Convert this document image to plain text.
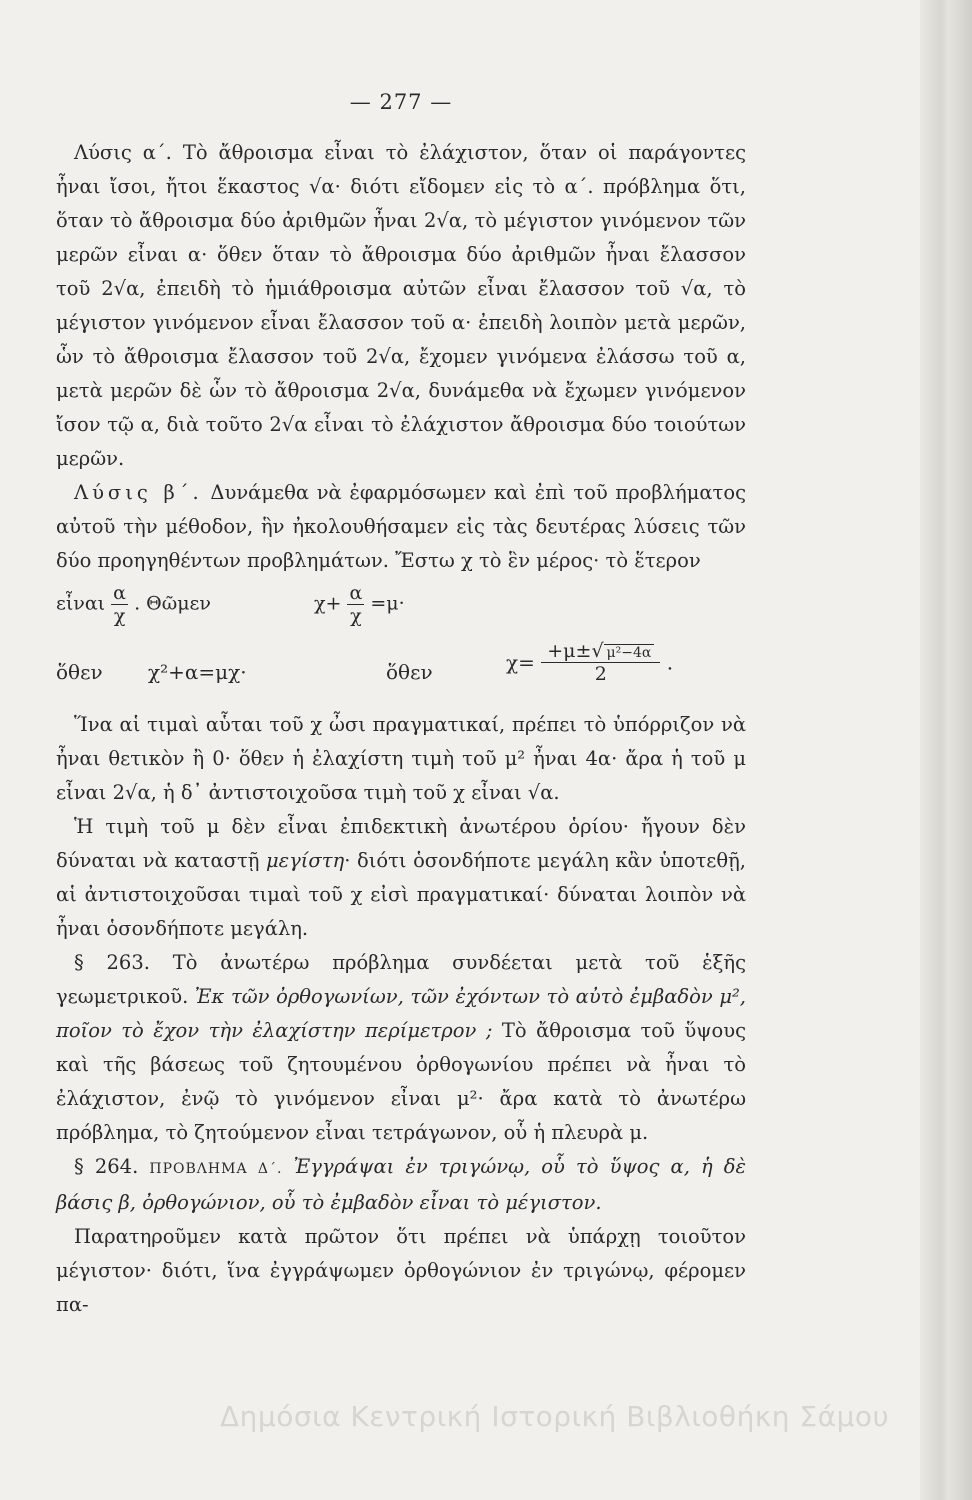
— 277 —

Λύσις α΄. Τὸ ἄθροισμα εἶναι τὸ ἐλάχιστον, ὅταν οἱ παράγοντες ἦναι ἴσοι, ἤτοι ἕκαστος √α· διότι εἴδομεν εἰς τὸ α΄. πρόβλημα ὅτι, ὅταν τὸ ἄθροισμα δύο ἀριθμῶν ἦναι 2√α, τὸ μέγιστον γινόμενον τῶν μερῶν εἶναι α· ὅθεν ὅταν τὸ ἄθροισμα δύο ἀριθμῶν ἦναι ἔλασσον τοῦ 2√α, ἐπειδὴ τὸ ἡμιάθροισμα αὐτῶν εἶναι ἔλασσον τοῦ √α, τὸ μέγιστον γινόμενον εἶναι ἔλασσον τοῦ α· ἐπειδὴ λοιπὸν μετὰ μερῶν, ὧν τὸ ἄθροισμα ἔλασσον τοῦ 2√α, ἔχομεν γινόμενα ἐλάσσω τοῦ α, μετὰ μερῶν δὲ ὧν τὸ ἄθροισμα 2√α, δυνάμεθα νὰ ἔχωμεν γινόμενον ἴσον τῷ α, διὰ τοῦτο 2√α εἶναι τὸ ἐλάχιστον ἄθροισμα δύο τοιούτων μερῶν.

Λύσις β΄. Δυνάμεθα νὰ ἐφαρμόσωμεν καὶ ἐπὶ τοῦ προβλήματος αὐτοῦ τὴν μέθοδον, ἣν ἠκολουθήσαμεν εἰς τὰς δευτέρας λύσεις τῶν δύο προηγηθέντων προβλημάτων. Ἔστω χ τὸ ἓν μέρος· τὸ ἕτερον

εἶναι $\frac{\alpha}{\chi}$ . Θῶμεν	$\chi+ \frac{\alpha}{\chi} =\mu\cdot$
ὅθεν χ²+α=μχ·	ὅθεν	$\chi= \frac{\text{+μ±√ μ²−4α}}{2}$ .

Ἵνα αἱ τιμαὶ αὗται τοῦ χ ὦσι πραγματικαί, πρέπει τὸ ὑπόρριζον νὰ ἦναι θετικὸν ἢ 0· ὅθεν ἡ ἐλαχίστη τιμὴ τοῦ μ² ἦναι 4α· ἄρα ἡ τοῦ μ εἶναι 2√α, ἡ δ᾽ ἀντιστοιχοῦσα τιμὴ τοῦ χ εἶναι √α.

Ἡ τιμὴ τοῦ μ δὲν εἶναι ἐπιδεκτικὴ ἀνωτέρου ὁρίου· ἤγουν δὲν δύναται νὰ καταστῇ μεγίστη· διότι ὁσονδήποτε μεγάλη κἂν ὑποτεθῇ, αἱ ἀντιστοιχοῦσαι τιμαὶ τοῦ χ εἰσὶ πραγματικαί· δύναται λοιπὸν νὰ ἦναι ὁσονδήποτε μεγάλη.

§ 263. Τὸ ἀνωτέρω πρόβλημα συνδέεται μετὰ τοῦ ἑξῆς γεωμετρικοῦ. Ἐκ τῶν ὀρθογωνίων, τῶν ἐχόντων τὸ αὐτὸ ἐμβαδὸν μ², ποῖον τὸ ἔχον τὴν ἐλαχίστην περίμετρον ; Τὸ ἄθροισμα τοῦ ὕψους καὶ τῆς βάσεως τοῦ ζητουμένου ὀρθογωνίου πρέπει νὰ ἦναι τὸ ἐλάχιστον, ἐνῷ τὸ γινόμενον εἶναι μ²· ἄρα κατὰ τὸ ἀνωτέρω πρόβλημα, τὸ ζητούμενον εἶναι τετράγωνον, οὗ ἡ πλευρὰ μ.

§ 264. ΠΡΟΒΛΗΜΑ Δ΄. Ἐγγράψαι ἐν τριγώνῳ, οὗ τὸ ὕψος α, ἡ δὲ βάσις β, ὀρθογώνιον, οὗ τὸ ἐμβαδὸν εἶναι τὸ μέγιστον.

Παρατηροῦμεν κατὰ πρῶτον ὅτι πρέπει νὰ ὑπάρχῃ τοιοῦτον μέγιστον· διότι, ἵνα ἐγγράψωμεν ὀρθογώνιον ἐν τριγώνῳ, φέρομεν πα-

Δημόσια Κεντρική Ιστορική Βιβλιοθήκη Σάμου
